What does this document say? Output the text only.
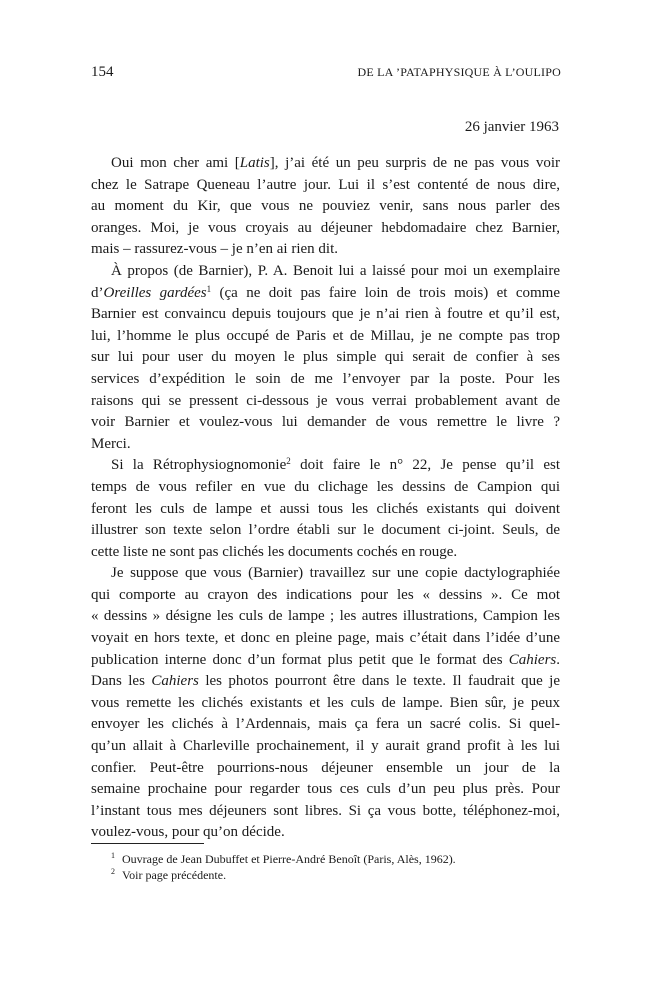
154	DE LA ’PATAPHYSIQUE À L’OULIPO
26 janvier 1963

Oui mon cher ami [Latis], j’ai été un peu surpris de ne pas vous voir
chez le Satrape Queneau l’autre jour. Lui il s’est contenté de nous dire,
au moment du Kir, que vous ne pouviez venir, sans nous parler des
oranges. Moi, je vous croyais au déjeuner hebdomadaire chez Barnier,
mais – rassurez-vous – je n’en ai rien dit.

À propos (de Barnier), P. A. Benoit lui a laissé pour moi un exemplaire
d’Oreilles gardées$^1$ (ça ne doit pas faire loin de trois mois) et comme
Barnier est convaincu depuis toujours que je n’ai rien à foutre et qu’il est,
lui, l’homme le plus occupé de Paris et de Millau, je ne compte pas trop
sur lui pour user du moyen le plus simple qui serait de confier à ses
services d’expédition le soin de me l’envoyer par la poste. Pour les
raisons qui se pressent ci-dessous je vous verrai probablement avant de
voir Barnier et voulez-vous lui demander de vous remettre le livre ?
Merci.

Si la Rétrophysiognomonie$^2$ doit faire le n° 22, Je pense qu’il est
temps de vous refiler en vue du clichage les dessins de Campion qui
feront les culs de lampe et aussi tous les clichés existants qui doivent
illustrer son texte selon l’ordre établi sur le document ci-joint. Seuls, de
cette liste ne sont pas clichés les documents cochés en rouge.

Je suppose que vous (Barnier) travaillez sur une copie dactylographiée
qui comporte au crayon des indications pour les « dessins ». Ce mot
« dessins » désigne les culs de lampe ; les autres illustrations, Campion les
voyait en hors texte, et donc en pleine page, mais c’était dans l’idée d’une
publication interne donc d’un format plus petit que le format des Cahiers.
Dans les Cahiers les photos pourront être dans le texte. Il faudrait que je
vous remette les clichés existants et les culs de lampe. Bien sûr, je peux
envoyer les clichés à l’Ardennais, mais ça fera un sacré colis. Si quel-
qu’un allait à Charleville prochainement, il y aurait grand profit à les lui
confier. Peut-être pourrions-nous déjeuner ensemble un jour de la
semaine prochaine pour regarder tous ces culs d’un peu plus près. Pour
l’instant tous mes déjeuners sont libres. Si ça vous botte, téléphonez-moi,
voulez-vous, pour qu’on décide.

1 Ouvrage de Jean Dubuffet et Pierre-André Benoît (Paris, Alès, 1962).
2 Voir page précédente.
